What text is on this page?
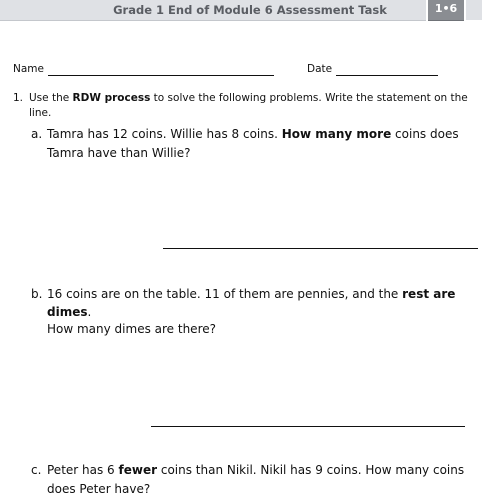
Grade 1 End of Module 6 Assessment Task	1•6
Name	Date
1. Use the RDW process to solve the following problems. Write the statement on the
line.
a. Tamra has 12 coins. Willie has 8 coins. How many more coins does
Tamra have than Willie?
b. 16 coins are on the table. 11 of them are pennies, and the rest are
dimes.
How many dimes are there?
c. Peter has 6 fewer coins than Nikil. Nikil has 9 coins. How many coins
does Peter have?
